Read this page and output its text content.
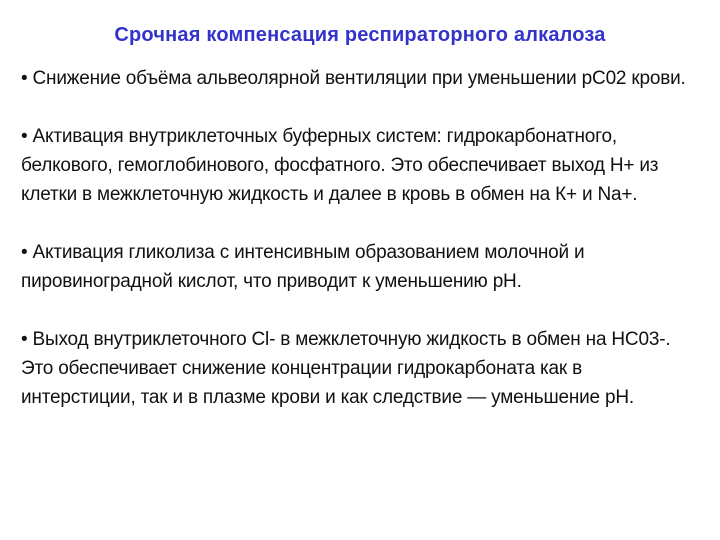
Срочная компенсация респираторного алкалоза

• Снижение объёма альвеолярной вентиляции при уменьшении pC02 крови.

• Активация внутриклеточных буферных систем: гидрокарбонатного, белкового, гемоглобинового, фосфатного. Это обеспечивает выход H+ из клетки в межклеточную жидкость и далее в кровь в обмен на К+ и Na+.

• Активация гликолиза с интенсивным образованием молочной и пировиноградной кислот, что приводит к уменьшению pH.

• Выход внутриклеточного Cl- в межклеточную жидкость в обмен на HC03-. Это обеспечивает снижение концентрации гидрокарбоната как в интерстиции, так и в плазме крови и как следствие — уменьшение pH.
